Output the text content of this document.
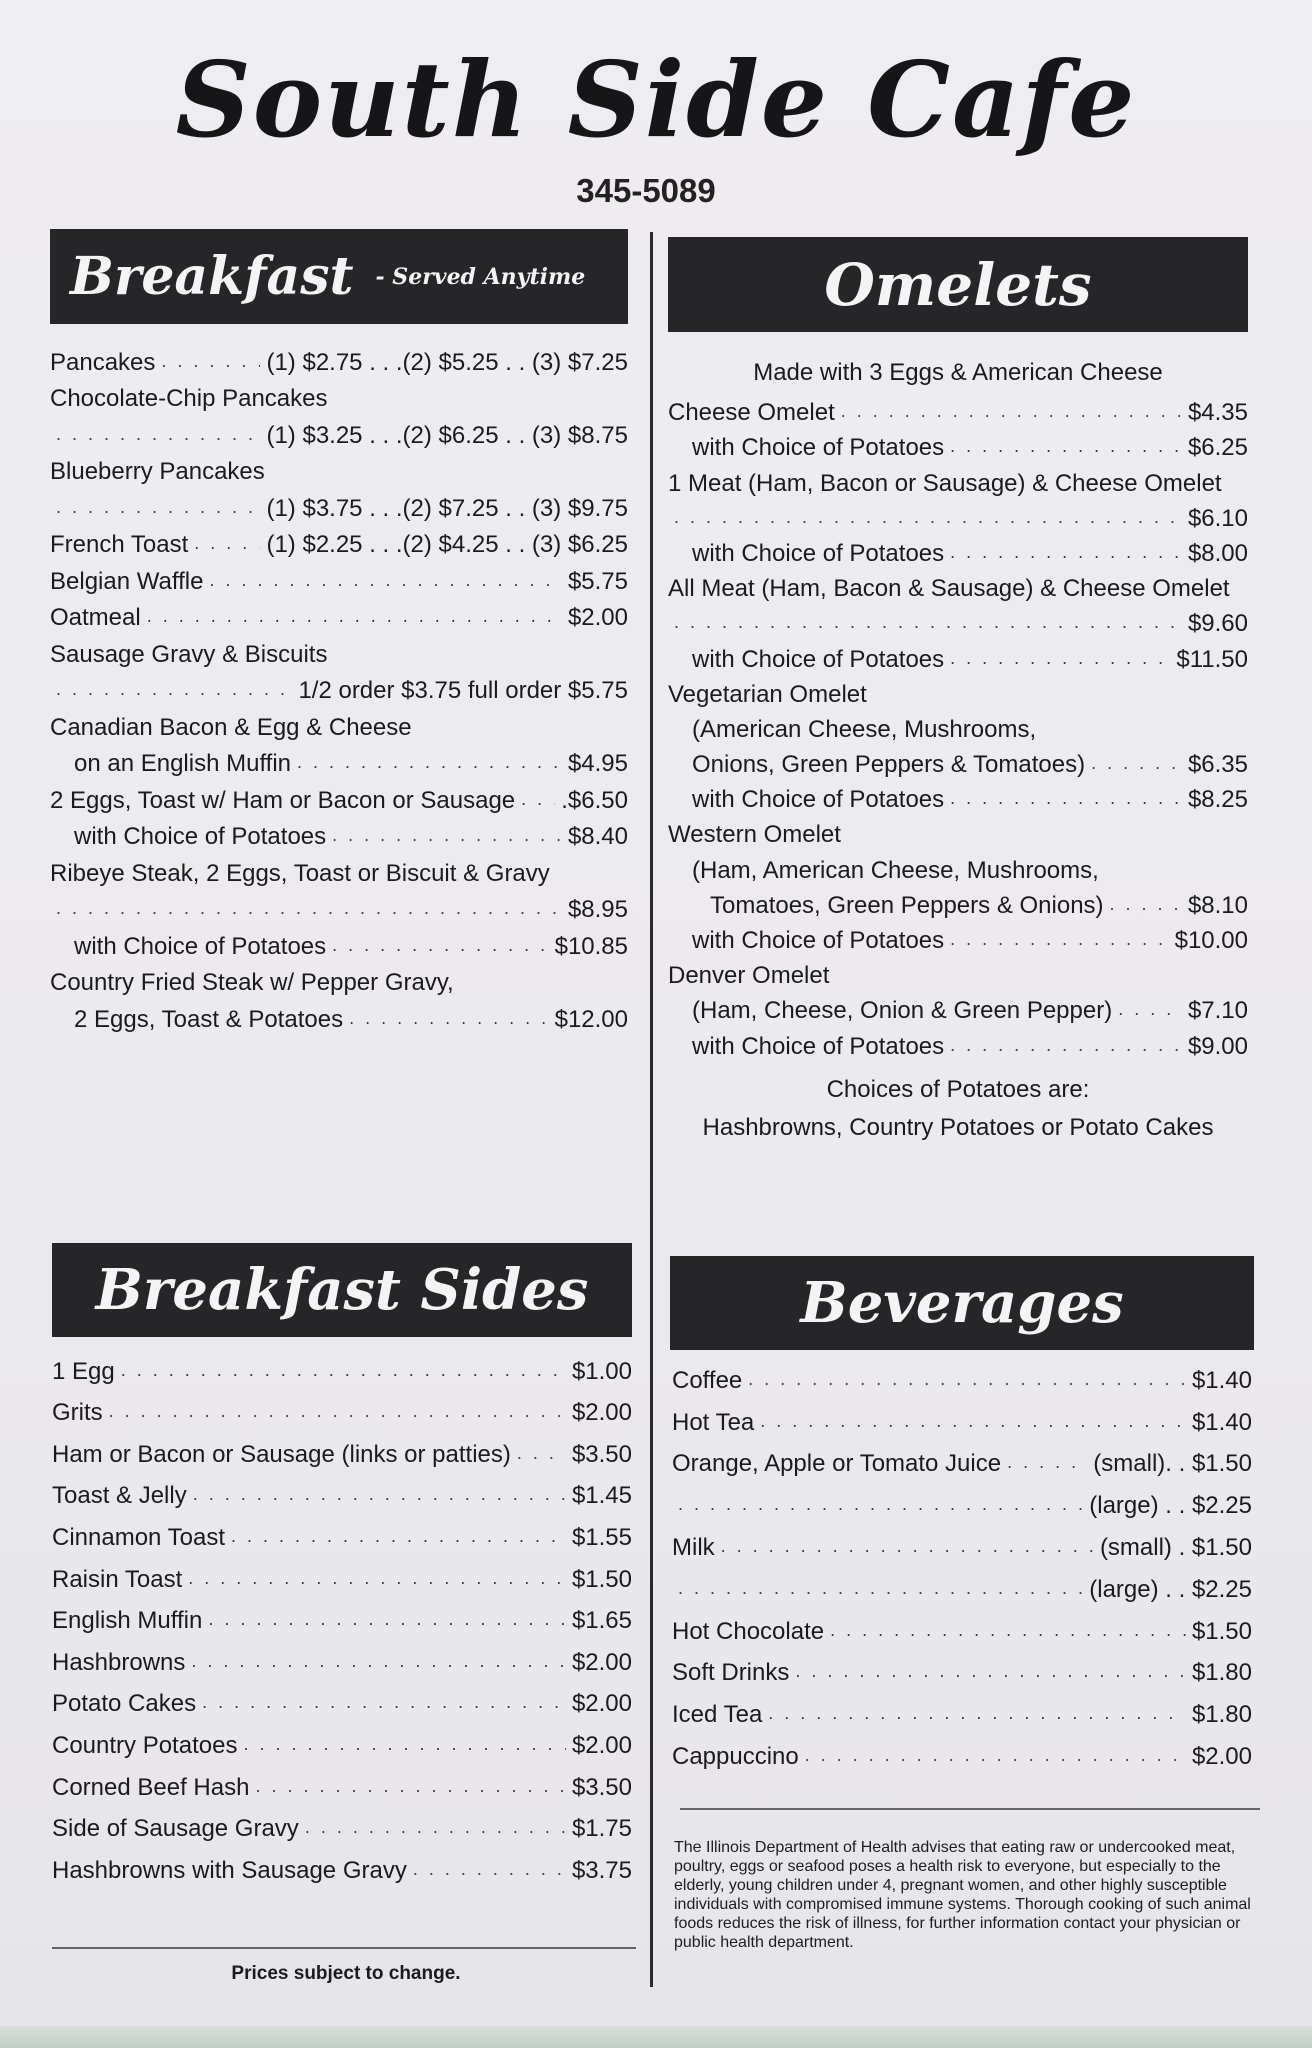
South Side Cafe
345-5089
Breakfast - Served Anytime
Pancakes . . .	(1) $2.75 . . .(2) $5.25 . . (3) $7.25
Chocolate-Chip Pancakes
. . .
(1) $3.25 . . .(2) $6.25 . . (3) $8.75
Blueberry Pancakes
. . .
(1) $3.75 . . .(2) $7.25 . . (3) $9.75
French Toast . . .	(1) $2.25 . . .(2) $4.25 . . (3) $6.25
Belgian Waffle . . .	$5.75
Oatmeal . . .	$2.00
Sausage Gravy & Biscuits
. . .
1/2 order $3.75 full order $5.75
Canadian Bacon & Egg & Cheese
on an English Muffin . . .	$4.95
2 Eggs, Toast w/ Ham or Bacon or Sausage . . . .$6.50
with Choice of Potatoes . . .	$8.40
Ribeye Steak, 2 Eggs, Toast or Biscuit & Gravy
. . .
$8.95
with Choice of Potatoes . . .	$10.85
Country Fried Steak w/ Pepper Gravy,
2 Eggs, Toast & Potatoes . . .	$12.00
Omelets
Made with 3 Eggs & American Cheese
Cheese Omelet . . .	$4.35
with Choice of Potatoes . . .	$6.25
1 Meat (Ham, Bacon or Sausage) & Cheese Omelet
. . .
$6.10
with Choice of Potatoes . . .	$8.00
All Meat (Ham, Bacon & Sausage) & Cheese Omelet
. . .
$9.60
with Choice of Potatoes . . .	$11.50
Vegetarian Omelet
(American Cheese, Mushrooms,
Onions, Green Peppers & Tomatoes) . . .	$6.35
with Choice of Potatoes . . .	$8.25
Western Omelet
(Ham, American Cheese, Mushrooms,
Tomatoes, Green Peppers & Onions) . . .	$8.10
with Choice of Potatoes . . .	$10.00
Denver Omelet
(Ham, Cheese, Onion & Green Pepper) . . .	$7.10
with Choice of Potatoes . . .	$9.00
Choices of Potatoes are:
Hashbrowns, Country Potatoes or Potato Cakes
Breakfast Sides
1 Egg . . .	$1.00
Grits . . .	$2.00
Ham or Bacon or Sausage (links or patties) . . .	$3.50
Toast & Jelly . . .	$1.45
Cinnamon Toast . . .	$1.55
Raisin Toast . . .	$1.50
English Muffin . . .	$1.65
Hashbrowns . . .	$2.00
Potato Cakes . . .	$2.00
Country Potatoes . . .	$2.00
Corned Beef Hash . . .	$3.50
Side of Sausage Gravy . . .	$1.75
Hashbrowns with Sausage Gravy . . .	$3.75
Prices subject to change.
Beverages
Coffee . . .	$1.40
Hot Tea . . .	$1.40
Orange, Apple or Tomato Juice . . .	(small). . $1.50
. . .
(large) . . $2.25
Milk . . .	(small) . $1.50
. . .
(large) . . $2.25
Hot Chocolate . . .	$1.50
Soft Drinks . . .	$1.80
Iced Tea . . .	$1.80
Cappuccino . . .	$2.00
The Illinois Department of Health advises that eating raw or undercooked meat, poultry, eggs or seafood poses a health risk to everyone, but especially to the elderly, young children under 4, pregnant women, and other highly susceptible individuals with compromised immune systems. Thorough cooking of such animal foods reduces the risk of illness, for further information contact your physician or public health department.
